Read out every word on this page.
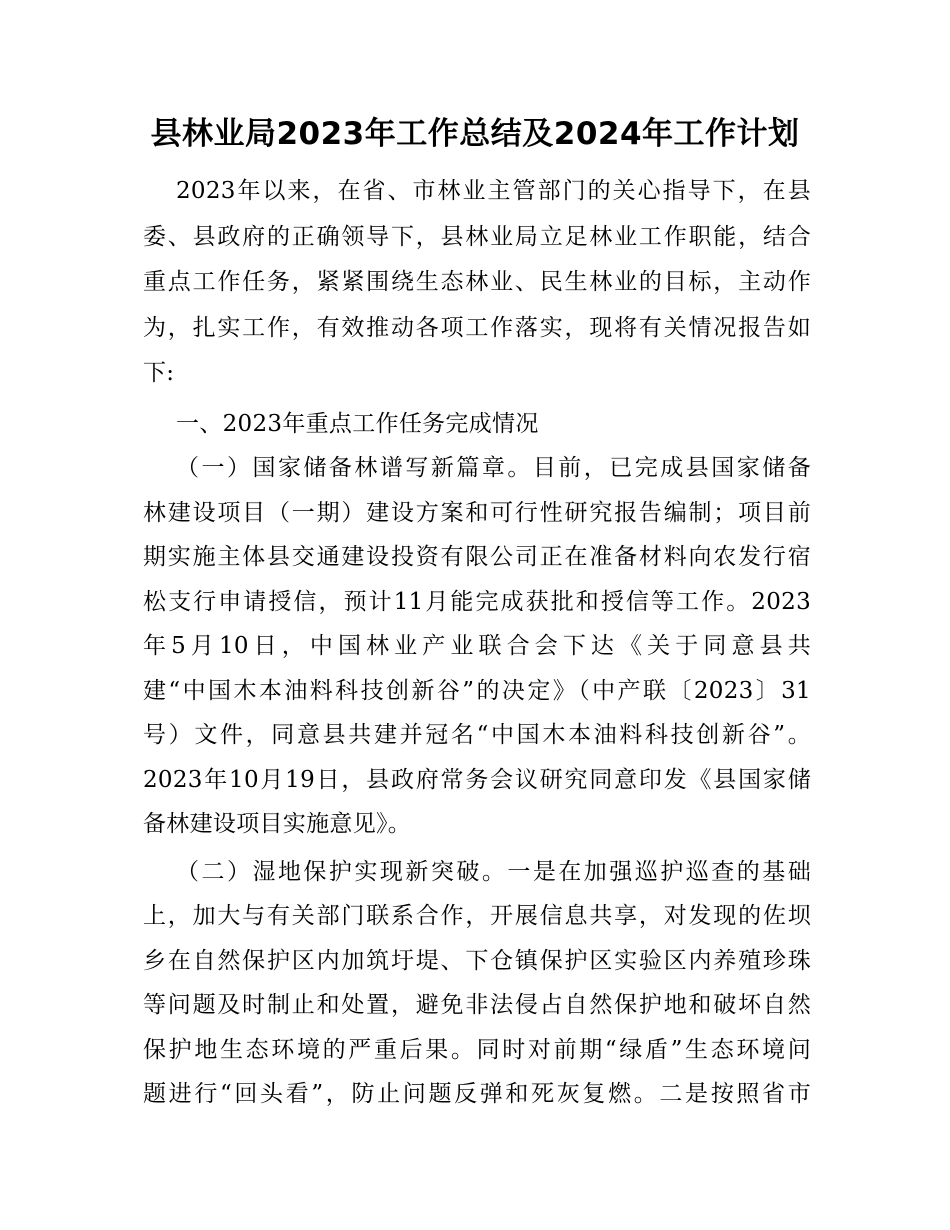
县林业局2023年工作总结及2024年工作计划
2023年以来，在省、市林业主管部门的关心指导下，在县
委、县政府的正确领导下，县林业局立足林业工作职能，结合
重点工作任务，紧紧围绕生态林业、民生林业的目标，主动作
为，扎实工作，有效推动各项工作落实，现将有关情况报告如
下:
一、2023年重点工作任务完成情况
（一）国家储备林谱写新篇章。目前，已完成县国家储备
林建设项目（一期）建设方案和可行性研究报告编制；项目前
期实施主体县交通建设投资有限公司正在准备材料向农发行宿
松支行申请授信，预计11月能完成获批和授信等工作。2023
年5月10日，中国林业产业联合会下达《关于同意县共
建“中国木本油料科技创新谷”的决定》（中产联〔2023〕31
号）文件，同意县共建并冠名“中国木本油料科技创新谷”。
2023年10月19日，县政府常务会议研究同意印发《县国家储
备林建设项目实施意见》。
（二）湿地保护实现新突破。一是在加强巡护巡查的基础
上，加大与有关部门联系合作，开展信息共享，对发现的佐坝
乡在自然保护区内加筑圩堤、下仓镇保护区实验区内养殖珍珠
等问题及时制止和处置，避免非法侵占自然保护地和破坏自然
保护地生态环境的严重后果。同时对前期“绿盾”生态环境问
题进行“回头看”，防止问题反弹和死灰复燃。二是按照省市
